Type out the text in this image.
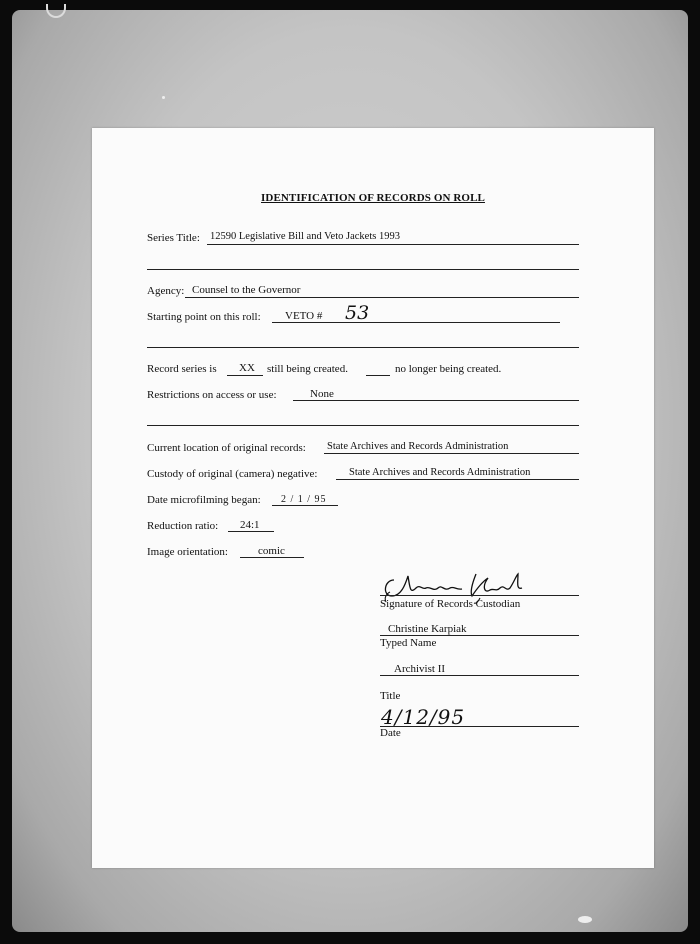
IDENTIFICATION OF RECORDS ON ROLL
Series Title: 12590 Legislative Bill and Veto Jackets 1993
Agency: Counsel to the Governor
Starting point on this roll: VETO # 53
Record series is XX still being created.	no longer being created.
Restrictions on access or use:	None
Current location of original records: State Archives and Records Administration
Custody of original (camera) negative:	State Archives and Records Administration
Date microfilming began: 2 / 1 / 95
Reduction ratio: 24:1
Image orientation:	comic
Signature of Records Custodian
Christine Karpiak
Typed Name
Archivist II
Title
4/12/95
Date
